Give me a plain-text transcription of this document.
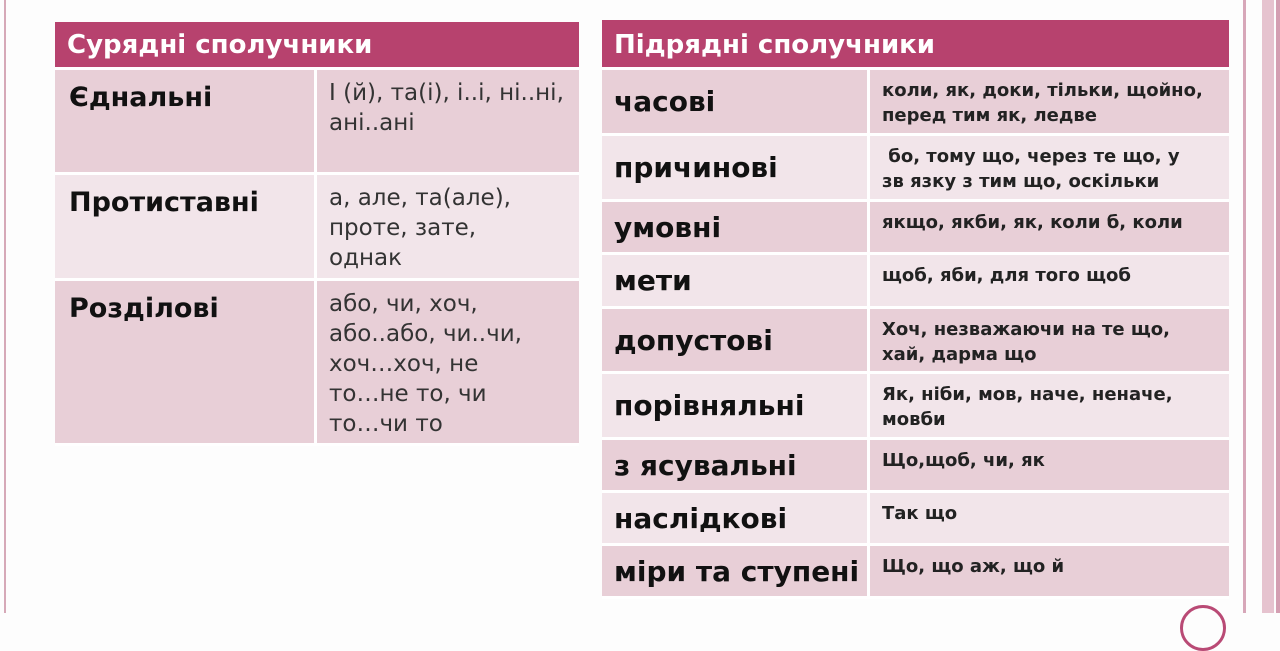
Сурядні сполучники	
Єднальні	І (й), та(і), і..і, ні..ні,
ані..ані

Протиставні	а, але, та(але),
проте, зате,
однак

Розділові	або, чи, хоч,
або..або, чи..чи,
хоч…хоч, не
то…не то, чи
то…чи то
Підрядні сполучники	
часові	коли, як, доки, тільки, щойно,
перед тим як, ледве

причинові	бо, тому що, через те що, у
зв язку з тим що, оскільки

умовні	якщо, якби, як, коли б, коли

мети	щоб, яби, для того щоб

допустові	Хоч, незважаючи на те що,
хай, дарма що

порівняльні	Як, ніби, мов, наче, неначе,
мовби

з ясувальні	Що,щоб, чи, як

наслідкові	Так що

міри та ступені	Що, що аж, що й
